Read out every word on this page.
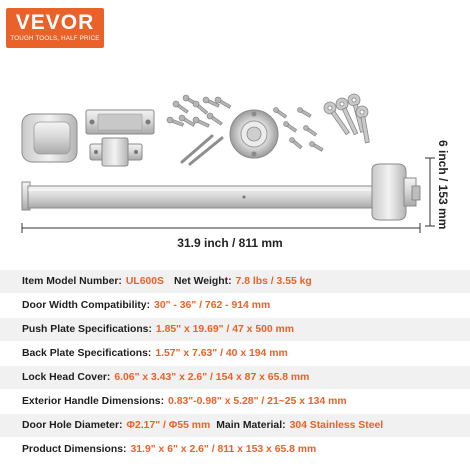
VEVOR
TOUGH TOOLS, HALF PRICE
31.9 inch / 811 mm
6 inch / 153 mm
Item Model Number: UL600S Net Weight: 7.8 lbs / 3.55 kg
Door Width Compatibility: 30" - 36" / 762 - 914 mm
Push Plate Specifications: 1.85" x 19.69" / 47 x 500 mm
Back Plate Specifications: 1.57" x 7.63" / 40 x 194 mm
Lock Head Cover: 6.06" x 3.43" x 2.6" / 154 x 87 x 65.8 mm
Exterior Handle Dimensions: 0.83"-0.98" x 5.28" / 21~25 x 134 mm
Door Hole Diameter: Φ2.17" / Φ55 mm Main Material: 304 Stainless Steel
Product Dimensions: 31.9" x 6" x 2.6" / 811 x 153 x 65.8 mm
